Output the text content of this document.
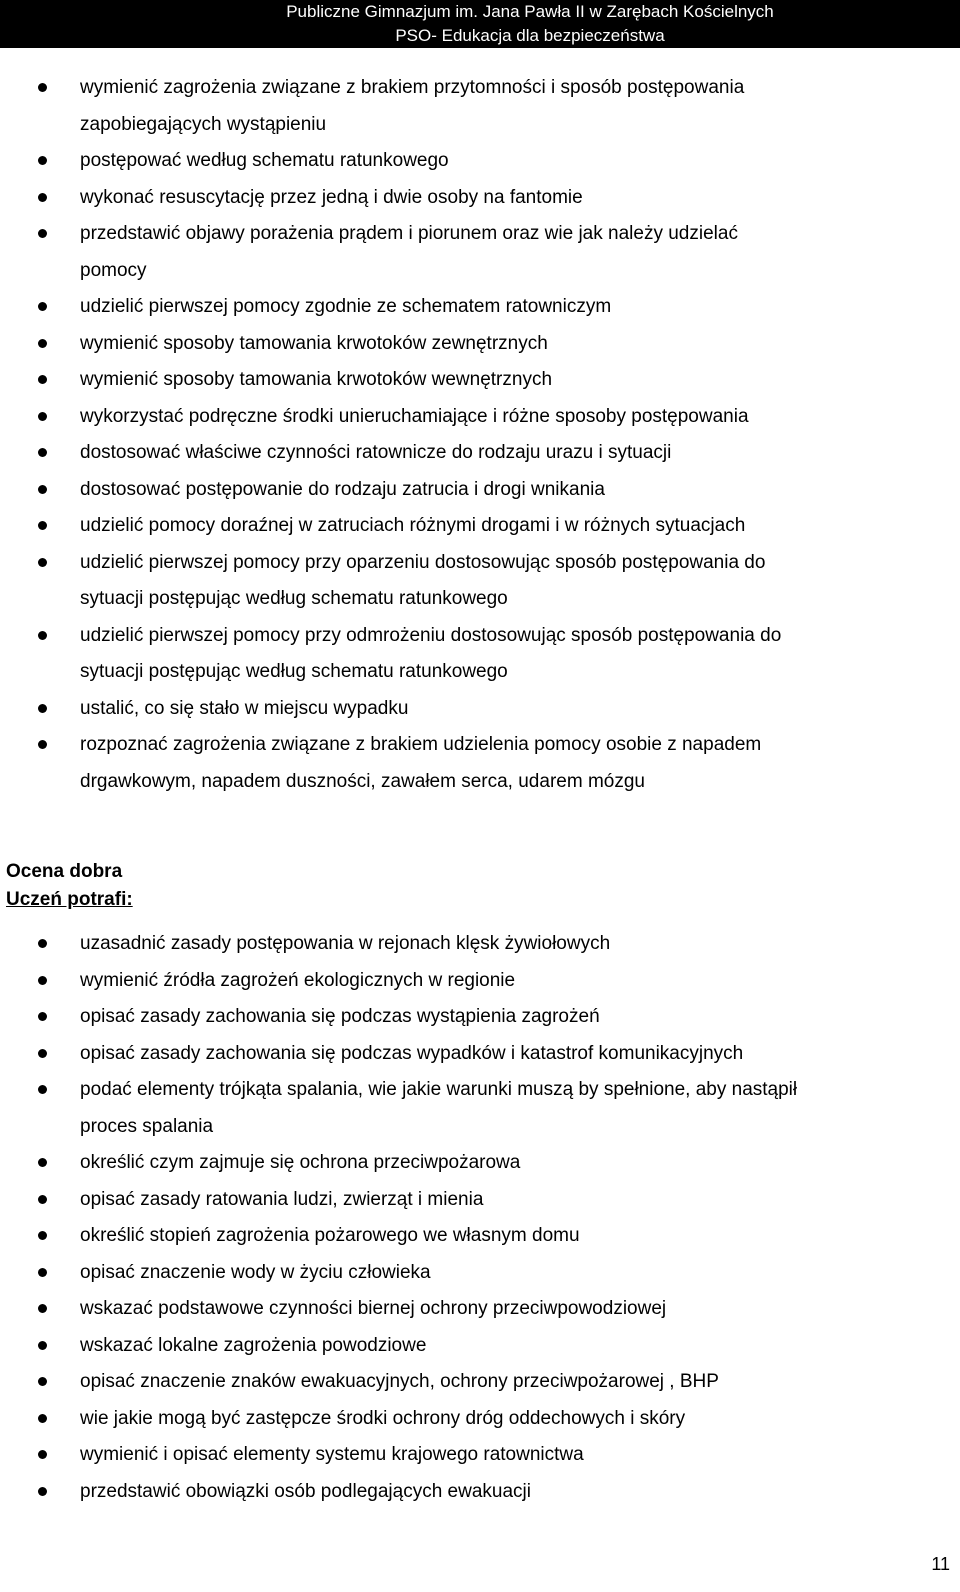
Publiczne Gimnazjum im. Jana Pawła II w Zarębach Kościelnych
PSO- Edukacja dla bezpieczeństwa
wymienić zagrożenia związane z brakiem przytomności i sposób postępowania
zapobiegających wystąpieniu
postępować według schematu ratunkowego
wykonać resuscytację przez jedną i dwie osoby na fantomie
przedstawić objawy porażenia prądem i piorunem oraz wie jak należy udzielać
pomocy
udzielić pierwszej pomocy zgodnie ze schematem ratowniczym
wymienić sposoby tamowania krwotoków zewnętrznych
wymienić sposoby tamowania krwotoków wewnętrznych
wykorzystać podręczne środki unieruchamiające i różne sposoby postępowania
dostosować właściwe czynności ratownicze do rodzaju urazu i sytuacji
dostosować postępowanie do rodzaju zatrucia i drogi wnikania
udzielić pomocy doraźnej w zatruciach różnymi drogami i w różnych sytuacjach
udzielić pierwszej pomocy przy oparzeniu dostosowując sposób postępowania do
sytuacji postępując według schematu ratunkowego
udzielić pierwszej pomocy przy odmrożeniu dostosowując sposób postępowania do
sytuacji postępując według schematu ratunkowego
ustalić, co się stało w miejscu wypadku
rozpoznać zagrożenia związane z brakiem udzielenia pomocy osobie z napadem
drgawkowym, napadem duszności, zawałem serca, udarem mózgu
Ocena dobra
Uczeń potrafi:
uzasadnić zasady postępowania w rejonach klęsk żywiołowych
wymienić źródła zagrożeń ekologicznych w regionie
opisać zasady zachowania się podczas wystąpienia zagrożeń
opisać zasady zachowania się podczas wypadków i katastrof komunikacyjnych
podać elementy trójkąta spalania, wie jakie warunki muszą by spełnione, aby nastąpił
proces spalania
określić czym zajmuje się ochrona przeciwpożarowa
opisać zasady ratowania ludzi, zwierząt i mienia
określić stopień zagrożenia pożarowego we własnym domu
opisać znaczenie wody w życiu człowieka
wskazać podstawowe czynności biernej ochrony przeciwpowodziowej
wskazać lokalne zagrożenia powodziowe
opisać znaczenie znaków ewakuacyjnych, ochrony przeciwpożarowej , BHP
wie jakie mogą być zastępcze środki ochrony dróg oddechowych i skóry
wymienić i opisać elementy systemu krajowego ratownictwa
przedstawić obowiązki osób podlegających ewakuacji
11
